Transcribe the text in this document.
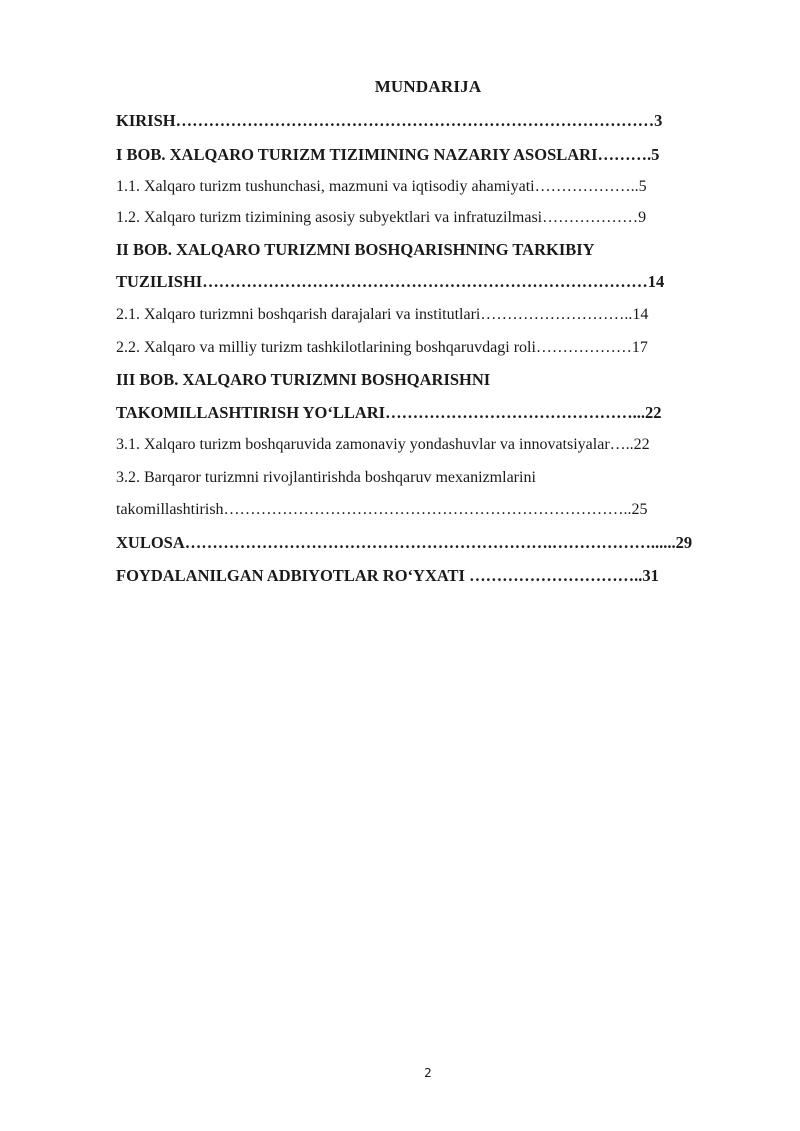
MUNDARIJA
KIRISH……………………………………………………………………………3
I BOB. XALQARO TURIZM TIZIMINING NAZARIY ASOSLARI……….5
1.1. Xalqaro turizm tushunchasi, mazmuni va iqtisodiy ahamiyati………………..5
1.2. Xalqaro turizm tizimining asosiy subyektlari va infratuzilmasi………………9
II BOB. XALQARO TURIZMNI BOSHQARISHNING TARKIBIY
TUZILISHI………………………………………………………………………14
2.1. Xalqaro turizmni boshqarish darajalari va institutlari………………………..14
2.2. Xalqaro va milliy turizm tashkilotlarining boshqaruvdagi roli………………17
III BOB. XALQARO TURIZMNI BOSHQARISHNI
TAKOMILLASHTIRISH YO‘LLARI………………………………………...22
3.1. Xalqaro turizm boshqaruvida zamonaviy yondashuvlar va innovatsiyalar…..22
3.2. Barqaror turizmni rivojlantirishda boshqaruv mexanizmlarini
takomillashtirish…………………………………………………………………..25
XULOSA………………………………………………………….………………......29
FOYDALANILGAN ADBIYOTLAR RO‘YXATI …………………………..31
2
